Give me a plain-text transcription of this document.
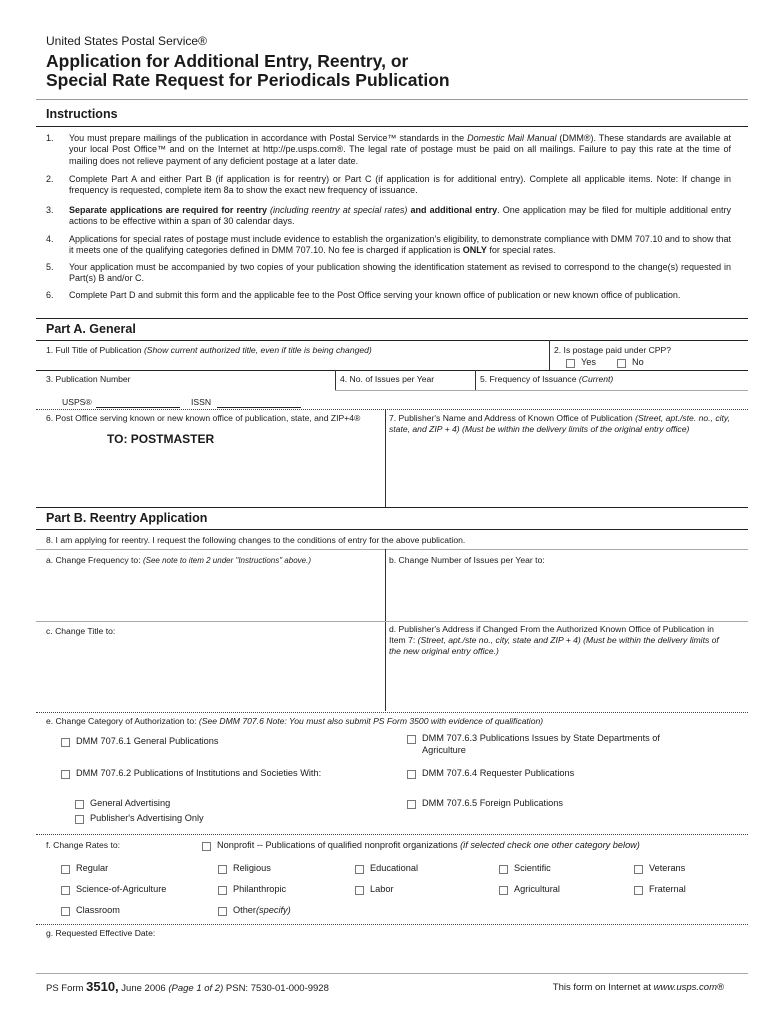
United States Postal Service®
Application for Additional Entry, Reentry, or
Special Rate Request for Periodicals Publication
Instructions
1.	You must prepare mailings of the publication in accordance with Postal Service™ standards in the Domestic Mail Manual (DMM®). These standards are available at your local Post Office™ and on the Internet at http://pe.usps.com®. The legal rate of postage must be paid on all mailings. Failure to pay this rate at the time of mailing does not relieve payment of any deficient postage at a later date.
2.	Complete Part A and either Part B (if application is for reentry) or Part C (if application is for additional entry). Complete all applicable items. Note: If change in frequency is requested, complete item 8a to show the exact new frequency of issuance.
3.	Separate applications are required for reentry (including reentry at special rates) and additional entry. One application may be filed for multiple additional entry actions to be effective within a span of 30 calendar days.
4.	Applications for special rates of postage must include evidence to establish the organization's eligibility, to demonstrate compliance with DMM 707.10 and to show that it meets one of the qualifying categories defined in DMM 707.10. No fee is charged if application is ONLY for special rates.
5.	Your application must be accompanied by two copies of your publication showing the identification statement as revised to correspond to the change(s) requested in Part(s) B and/or C.
6.	Complete Part D and submit this form and the applicable fee to the Post Office serving your known office of publication or new known office of publication.
Part A. General
1. Full Title of Publication (Show current authorized title, even if title is being changed)	2. Is postage paid under CPP?
Yes	No
3. Publication Number	4. No. of Issues per Year	5. Frequency of Issuance (Current)
USPS®	ISSN
6. Post Office serving known or new known office of publication, state, and ZIP+4®
TO: POSTMASTER
7. Publisher's Name and Address of Known Office of Publication (Street, apt./ste. no., city, state, and ZIP + 4) (Must be within the delivery limits of the original entry office)
Part B. Reentry Application
8. I am applying for reentry. I request the following changes to the conditions of entry for the above publication.
a. Change Frequency to: (See note to item 2 under "Instructions" above.)	b. Change Number of Issues per Year to:
c. Change Title to:	d. Publisher's Address if Changed From the Authorized Known Office of Publication in Item 7: (Street, apt./ste no., city, state and ZIP + 4) (Must be within the delivery limits of the new original entry office.)
e. Change Category of Authorization to: (See DMM 707.6 Note: You must also submit PS Form 3500 with evidence of qualification)
DMM 707.6.1 General Publications
DMM 707.6.2 Publications of Institutions and Societies With:
General Advertising
Publisher's Advertising Only
DMM 707.6.3 Publications Issues by State Departments of Agriculture
DMM 707.6.4 Requester Publications
DMM 707.6.5 Foreign Publications
f. Change Rates to:	Nonprofit -- Publications of qualified nonprofit organizations (if selected check one other category below)
Regular	Religious	Educational	Scientific	Veterans
Science-of-Agriculture	Philanthropic	Labor	Agricultural	Fraternal
Classroom	Other(specify)
g. Requested Effective Date:
PS Form 3510, June 2006 (Page 1 of 2) PSN: 7530-01-000-9928	This form on Internet at www.usps.com®
